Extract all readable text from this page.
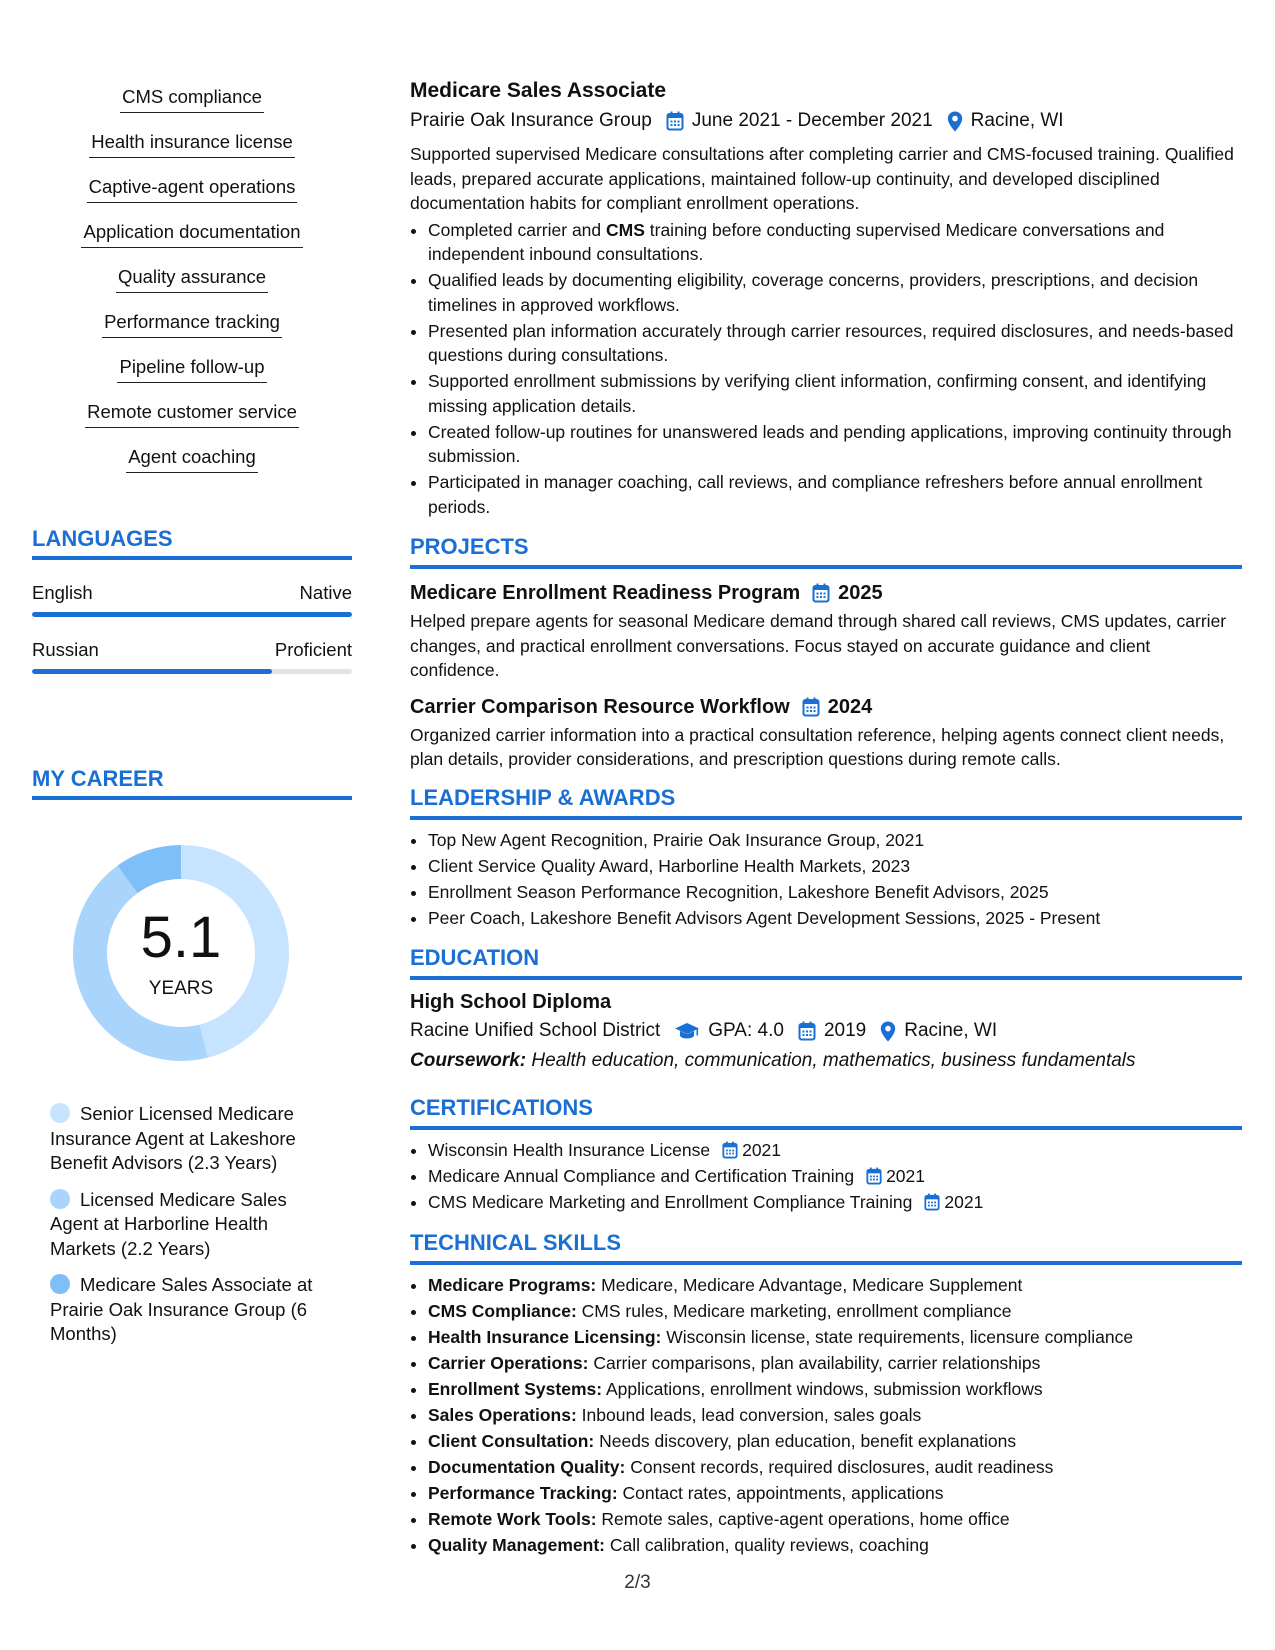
CMS compliance
Health insurance license
Captive-agent operations
Application documentation
Quality assurance
Performance tracking
Pipeline follow-up
Remote customer service
Agent coaching
LANGUAGES
English	Native
Russian	Proficient
MY CAREER
5.1
YEARS
Senior Licensed Medicare Insurance Agent at Lakeshore Benefit Advisors (2.3 Years)
Licensed Medicare Sales Agent at Harborline Health Markets (2.2 Years)
Medicare Sales Associate at Prairie Oak Insurance Group (6 Months)
Medicare Sales Associate
Prairie Oak Insurance Group June 2021 - December 2021 Racine, WI

Supported supervised Medicare consultations after completing carrier and CMS-focused training. Qualified leads, prepared accurate applications, maintained follow-up continuity, and developed disciplined documentation habits for compliant enrollment operations.

• Completed carrier and CMS training before conducting supervised Medicare conversations and independent inbound consultations.
• Qualified leads by documenting eligibility, coverage concerns, providers, prescriptions, and decision timelines in approved workflows.
• Presented plan information accurately through carrier resources, required disclosures, and needs-based questions during consultations.
• Supported enrollment submissions by verifying client information, confirming consent, and identifying missing application details.
• Created follow-up routines for unanswered leads and pending applications, improving continuity through submission.
• Participated in manager coaching, call reviews, and compliance refreshers before annual enrollment periods.
PROJECTS
Medicare Enrollment Readiness Program 2025

Helped prepare agents for seasonal Medicare demand through shared call reviews, CMS updates, carrier changes, and practical enrollment conversations. Focus stayed on accurate guidance and client confidence.

Carrier Comparison Resource Workflow 2024

Organized carrier information into a practical consultation reference, helping agents connect client needs, plan details, provider considerations, and prescription questions during remote calls.

LEADERSHIP & AWARDS
• Top New Agent Recognition, Prairie Oak Insurance Group, 2021
• Client Service Quality Award, Harborline Health Markets, 2023
• Enrollment Season Performance Recognition, Lakeshore Benefit Advisors, 2025
• Peer Coach, Lakeshore Benefit Advisors Agent Development Sessions, 2025 - Present
EDUCATION
High School Diploma
Racine Unified School District	GPA: 4.0 2019 Racine, WI
Coursework: Health education, communication, mathematics, business fundamentals
CERTIFICATIONS
• Wisconsin Health Insurance License 2021
• Medicare Annual Compliance and Certification Training 2021
• CMS Medicare Marketing and Enrollment Compliance Training 2021
TECHNICAL SKILLS
• Medicare Programs: Medicare, Medicare Advantage, Medicare Supplement
• CMS Compliance: CMS rules, Medicare marketing, enrollment compliance
• Health Insurance Licensing: Wisconsin license, state requirements, licensure compliance
• Carrier Operations: Carrier comparisons, plan availability, carrier relationships
• Enrollment Systems: Applications, enrollment windows, submission workflows
• Sales Operations: Inbound leads, lead conversion, sales goals
• Client Consultation: Needs discovery, plan education, benefit explanations
• Documentation Quality: Consent records, required disclosures, audit readiness
• Performance Tracking: Contact rates, appointments, applications
• Remote Work Tools: Remote sales, captive-agent operations, home office
• Quality Management: Call calibration, quality reviews, coaching
2/3
